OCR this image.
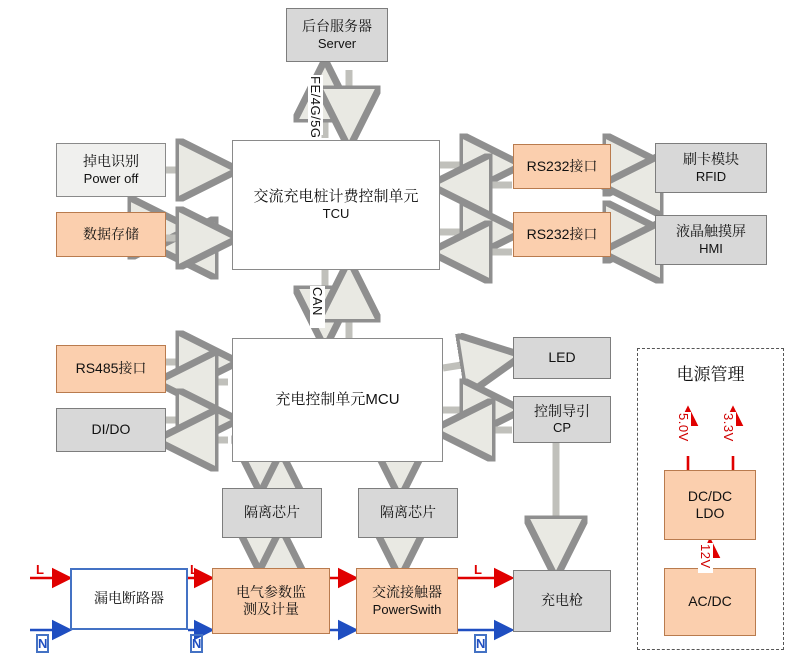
电源管理
后台服务器
Server
掉电识别
Power off
数据存储
交流充电桩计费控制单元
TCU
RS232接口
RS232接口
刷卡模块
RFID
液晶触摸屏
HMI
RS485接口
DI/DO
充电控制单元MCU
LED
控制导引
CP
隔离芯片	隔离芯片
漏电断路器	电气参数监
测及计量
交流接触器
PowerSwith
充电枪
DC/DC
LDO
AC/DC
FE/4G/5G
CAN
5.0V 3.3V
12V
L
N
L
N
L
N
